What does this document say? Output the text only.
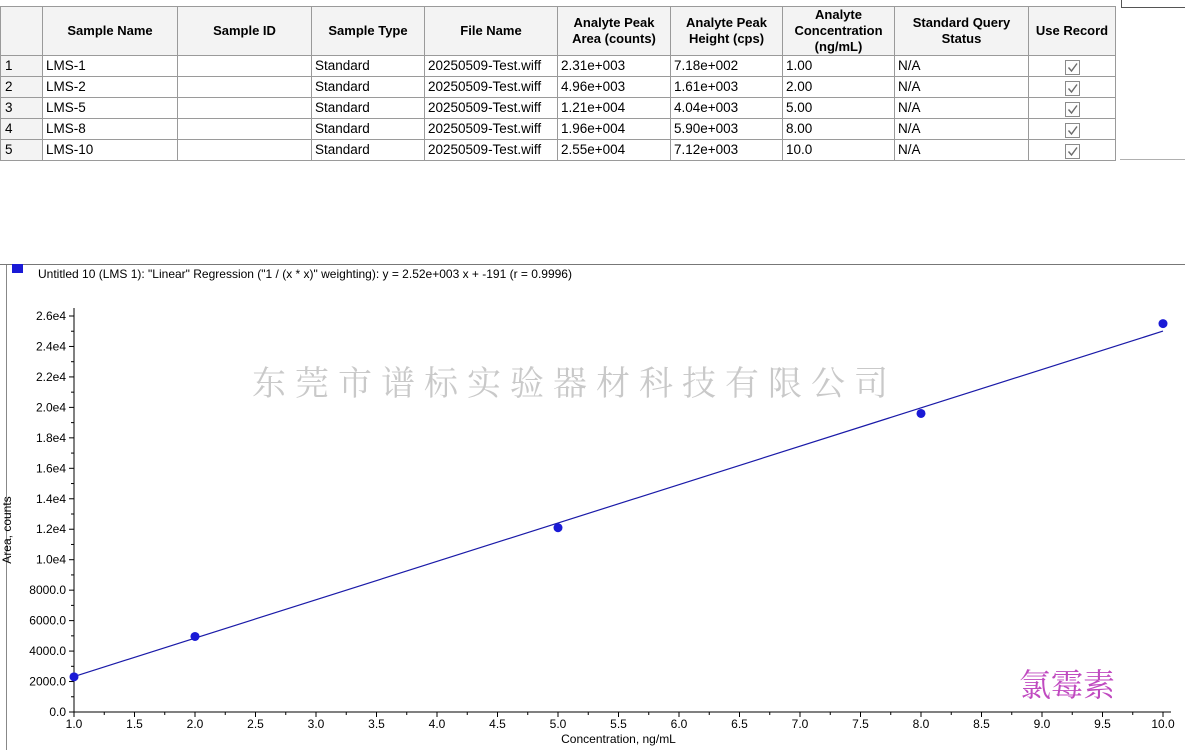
	Sample Name	Sample ID	Sample Type	File Name	Analyte Peak Area (counts)	Analyte Peak Height (cps)	Analyte Concentration (ng/mL)	Standard Query Status	Use Record
1	LMS-1		Standard	20250509-Test.wiff	2.31e+003	7.18e+002	1.00	N/A	

2	LMS-2		Standard	20250509-Test.wiff	4.96e+003	1.61e+003	2.00	N/A	

3	LMS-5		Standard	20250509-Test.wiff	1.21e+004	4.04e+003	5.00	N/A	

4	LMS-8		Standard	20250509-Test.wiff	1.96e+004	5.90e+003	8.00	N/A	

5	LMS-10		Standard	20250509-Test.wiff	2.55e+004	7.12e+003	10.0	N/A	
Untitled 10 (LMS 1): "Linear" Regression ("1 / (x * x)" weighting): y = 2.52e+003 x + -191 (r = 0.9996)
1.0	1.5	2.0	2.5	3.0	3.5	4.0	4.5	5.0	5.5	6.0	6.5	7.0	7.5	8.0	8.5	9.0	9.5	10.0
0.0
2000.0
4000.0
6000.0
8000.0
1.0e4
1.2e4
1.4e4
1.6e4
1.8e4
2.0e4
2.2e4
2.4e4
2.6e4
Concentration, ng/mL
Area, counts
东莞市谱标实验器材科技有限公司
氯霉素
